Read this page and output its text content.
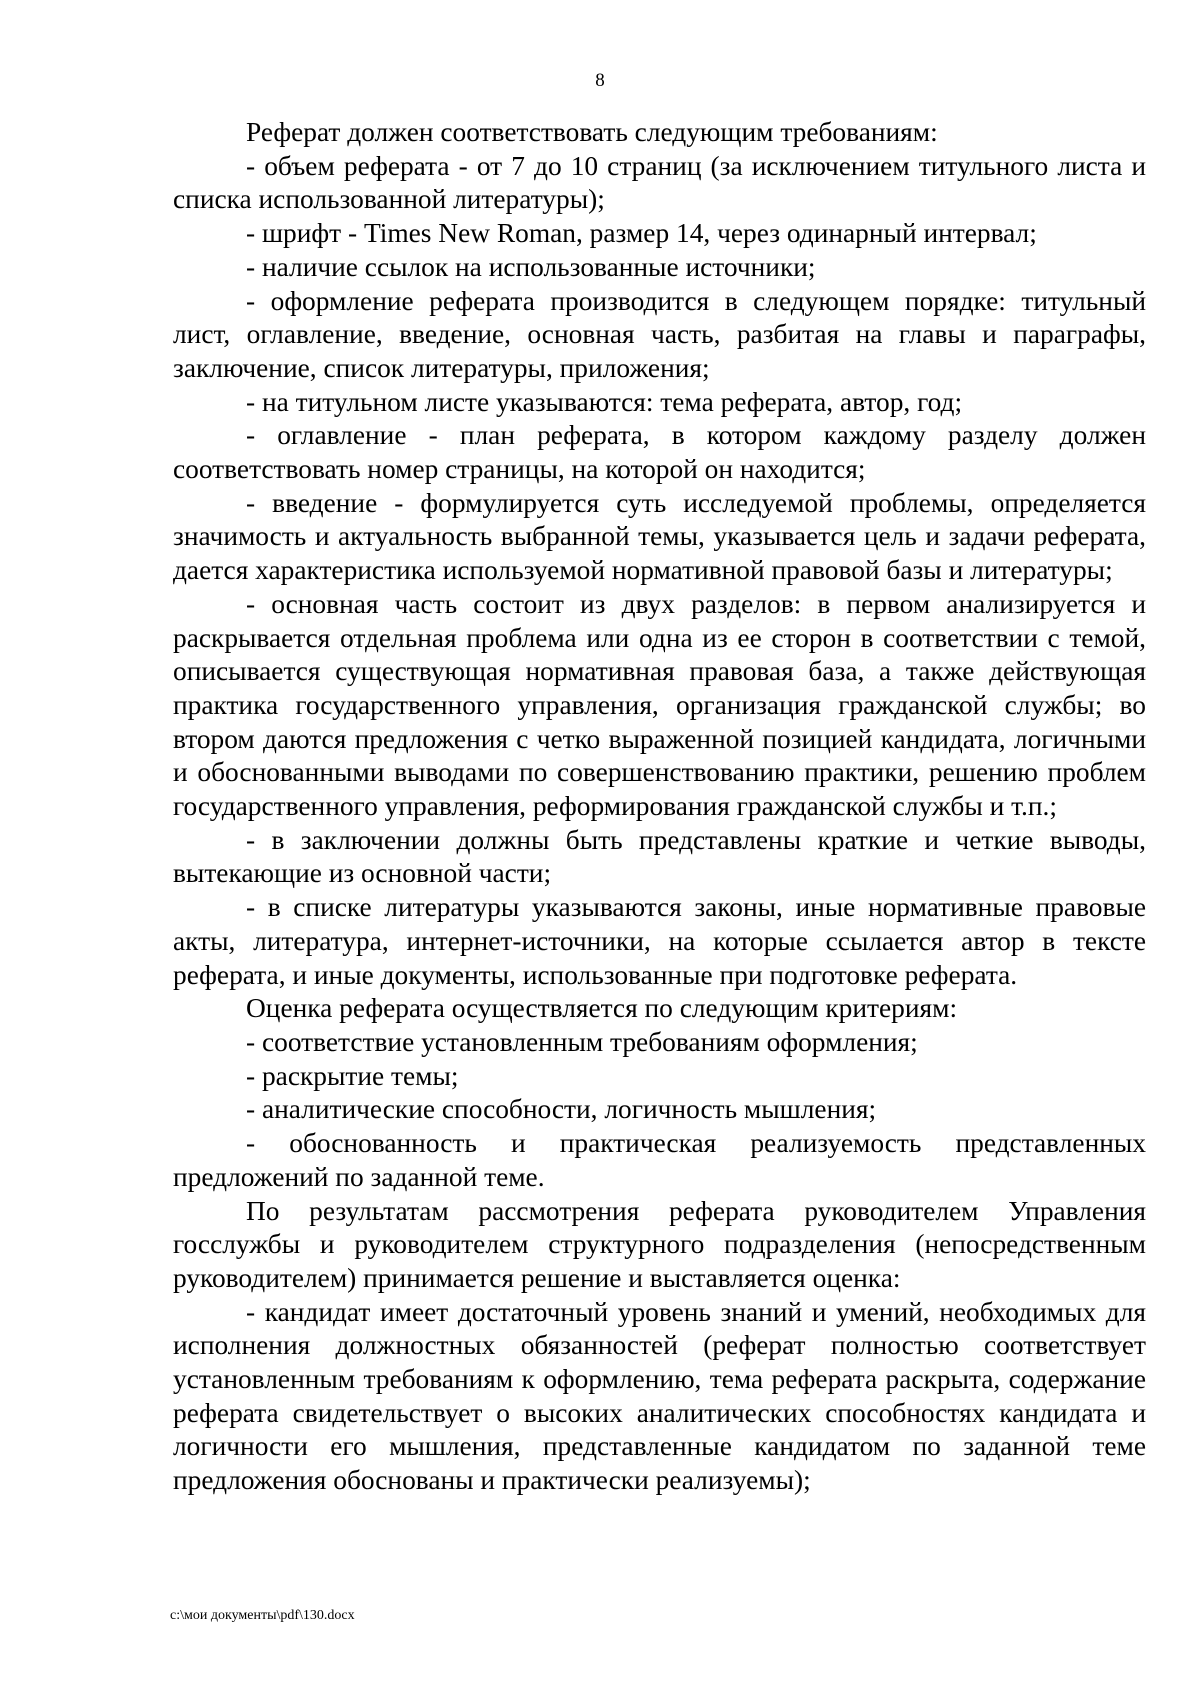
8

Реферат должен соответствовать следующим требованиям:

- объем реферата - от 7 до 10 страниц (за исключением титульного листа и списка использованной литературы);

- шрифт - Times New Roman, размер 14, через одинарный интервал;

- наличие ссылок на использованные источники;

- оформление реферата производится в следующем порядке: титульный лист, оглавление, введение, основная часть, разбитая на главы и параграфы, заключение, список литературы, приложения;

- на титульном листе указываются: тема реферата, автор, год;

- оглавление - план реферата, в котором каждому разделу должен соответствовать номер страницы, на которой он находится;

- введение - формулируется суть исследуемой проблемы, определяется значимость и актуальность выбранной темы, указывается цель и задачи реферата, дается характеристика используемой нормативной правовой базы и литературы;

- основная часть состоит из двух разделов: в первом анализируется и раскрывается отдельная проблема или одна из ее сторон в соответствии с темой, описывается существующая нормативная правовая база, а также действующая практика государственного управления, организация гражданской службы; во втором даются предложения с четко выраженной позицией кандидата, логичными и обоснованными выводами по совершенствованию практики, решению проблем государственного управления, реформирования гражданской службы и т.п.;

- в заключении должны быть представлены краткие и четкие выводы, вытекающие из основной части;

- в списке литературы указываются законы, иные нормативные правовые акты, литература, интернет-источники, на которые ссылается автор в тексте реферата, и иные документы, использованные при подготовке реферата.

Оценка реферата осуществляется по следующим критериям:

- соответствие установленным требованиям оформления;

- раскрытие темы;

- аналитические способности, логичность мышления;

- обоснованность и практическая реализуемость представленных предложений по заданной теме.

По результатам рассмотрения реферата руководителем Управления госслужбы и руководителем структурного подразделения (непосредственным руководителем) принимается решение и выставляется оценка:

- кандидат имеет достаточный уровень знаний и умений, необходимых для исполнения должностных обязанностей (реферат полностью соответствует установленным требованиям к оформлению, тема реферата раскрыта, содержание реферата свидетельствует о высоких аналитических способностях кандидата и логичности его мышления, представленные кандидатом по заданной теме предложения обоснованы и практически реализуемы);

c:\мои документы\pdf\130.docx
